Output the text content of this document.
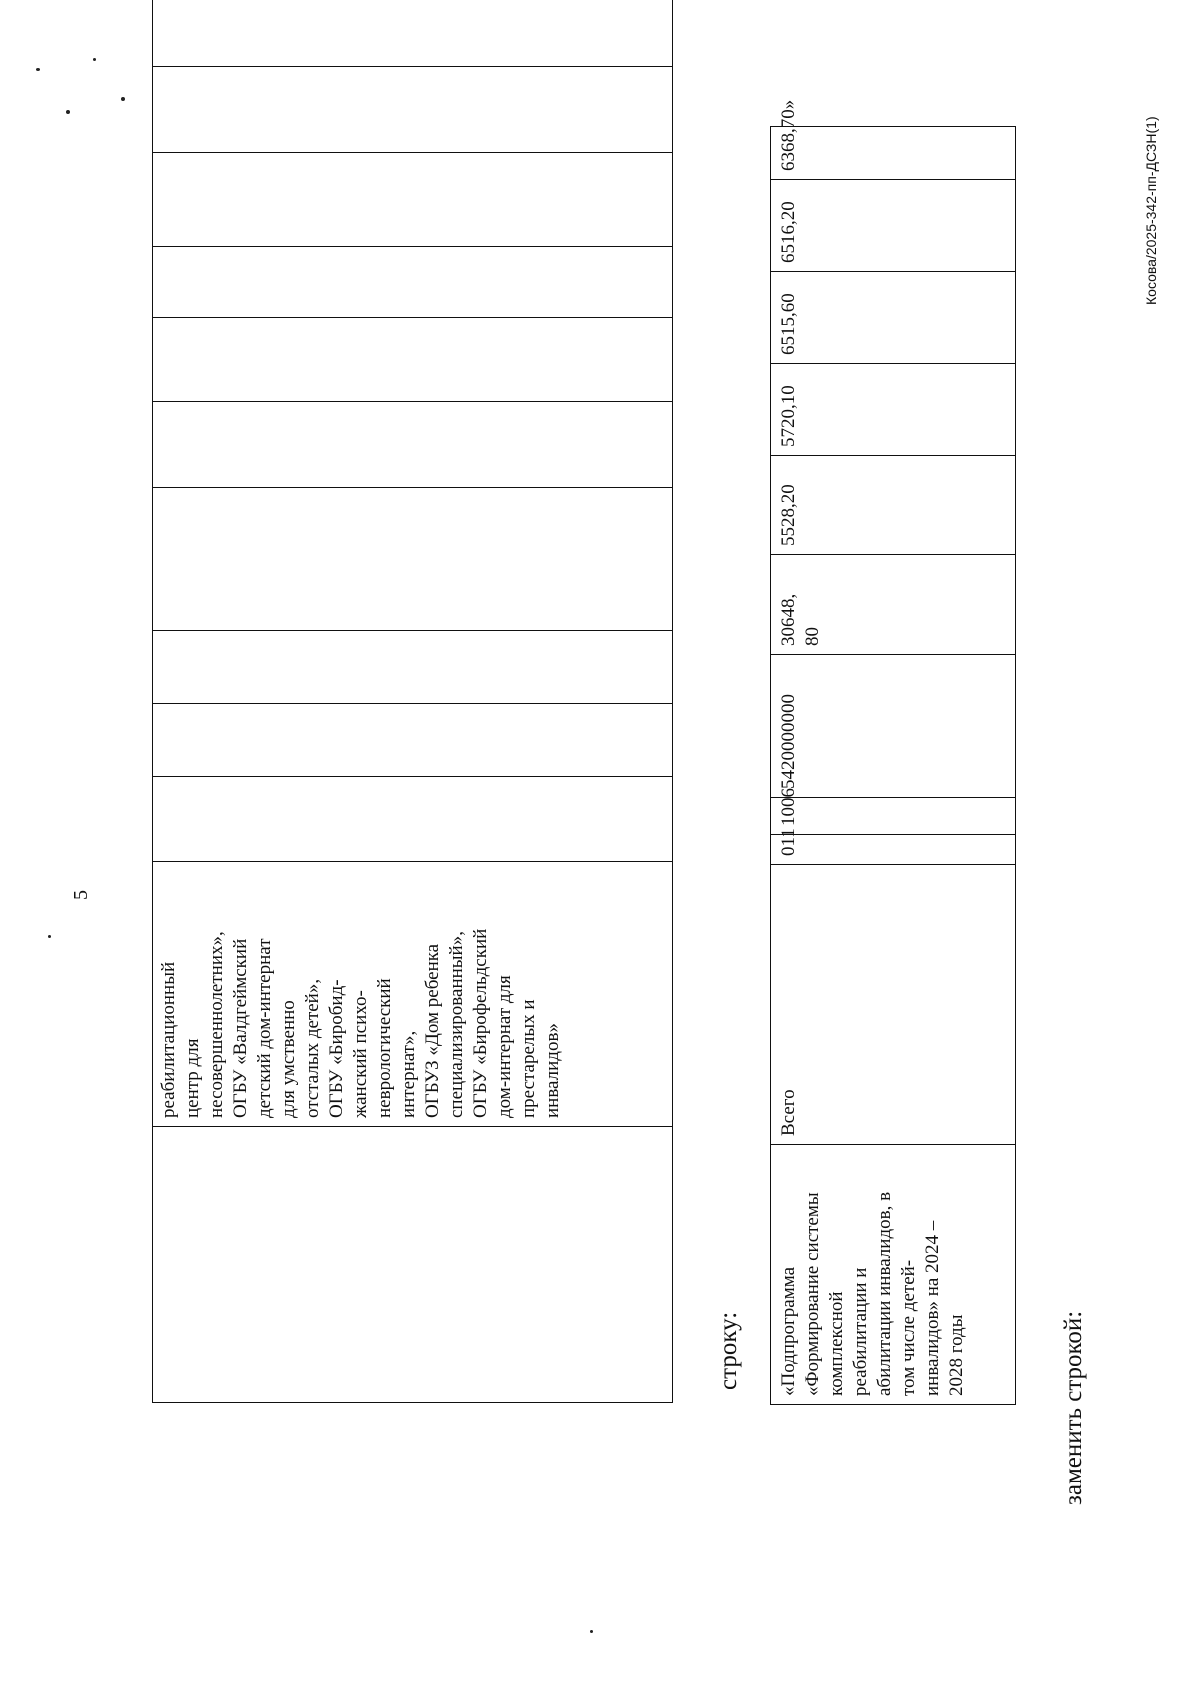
5
	реабилитационный
центр для
несовершеннолетних»,
ОГБУ «Валдгеймский
детский дом-интернат
для умственно
отсталых детей»,
ОГБУ «Биробид-
жанский психо-
неврологический
интернат»,
ОГБУЗ «Дом ребенка
специализированный»,
ОГБУ «Бирофельдский
дом-интернат для
престарелых и
инвалидов»										
строку: «Подпрограмма
«Формирование системы
комплексной
реабилитации и
абилитации инвалидов, в
том числе детей-
инвалидов» на 2024 –
2028 годы	Всего	011	1006	5420000000	30648,
80	5528,20	5720,10	6515,60	6516,20	6368,70»
заменить строкой:
Косова/2025-342-пп-ДСЗН(1)
